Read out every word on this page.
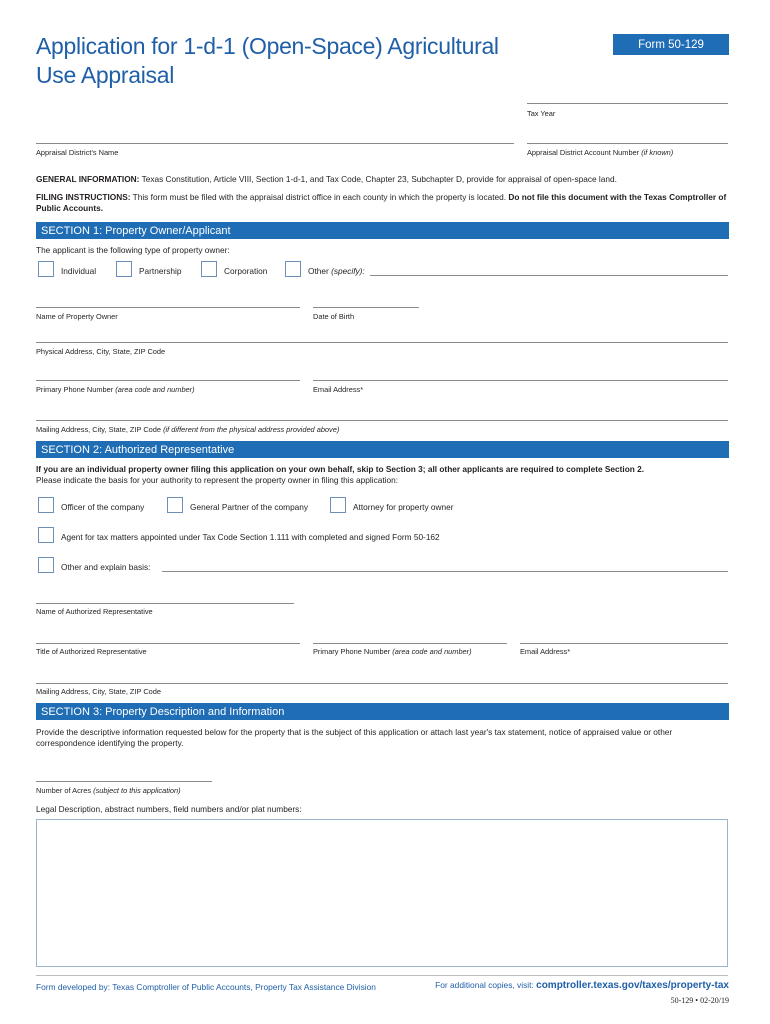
Application for 1-d-1 (Open-Space) Agricultural
Use Appraisal
Form 50-129
Tax Year
Appraisal District's Name	Appraisal District Account Number (if known)
GENERAL INFORMATION: Texas Constitution, Article VIII, Section 1-d-1, and Tax Code, Chapter 23, Subchapter D, provide for appraisal of open-space land.
FILING INSTRUCTIONS: This form must be filed with the appraisal district office in each county in which the property is located. Do not file this document with the Texas Comptroller of Public Accounts.
SECTION 1: Property Owner/Applicant
The applicant is the following type of property owner:
Individual	Partnership	Corporation	Other (specify):
Name of Property Owner	Date of Birth
Physical Address, City, State, ZIP Code
Primary Phone Number (area code and number)	Email Address*
Mailing Address, City, State, ZIP Code (if different from the physical address provided above)
SECTION 2: Authorized Representative
If you are an individual property owner filing this application on your own behalf, skip to Section 3; all other applicants are required to complete Section 2.
Please indicate the basis for your authority to represent the property owner in filing this application:
Officer of the company	General Partner of the company	Attorney for property owner
Agent for tax matters appointed under Tax Code Section 1.111 with completed and signed Form 50-162
Other and explain basis:
Name of Authorized Representative
Title of Authorized Representative	Primary Phone Number (area code and number)	Email Address*
Mailing Address, City, State, ZIP Code
SECTION 3: Property Description and Information
Provide the descriptive information requested below for the property that is the subject of this application or attach last year's tax statement, notice of appraised value or other correspondence identifying the property.
Number of Acres (subject to this application)
Legal Description, abstract numbers, field numbers and/or plat numbers:
Form developed by: Texas Comptroller of Public Accounts, Property Tax Assistance Division	For additional copies, visit: comptroller.texas.gov/taxes/property-tax
50-129 • 02-20/19
